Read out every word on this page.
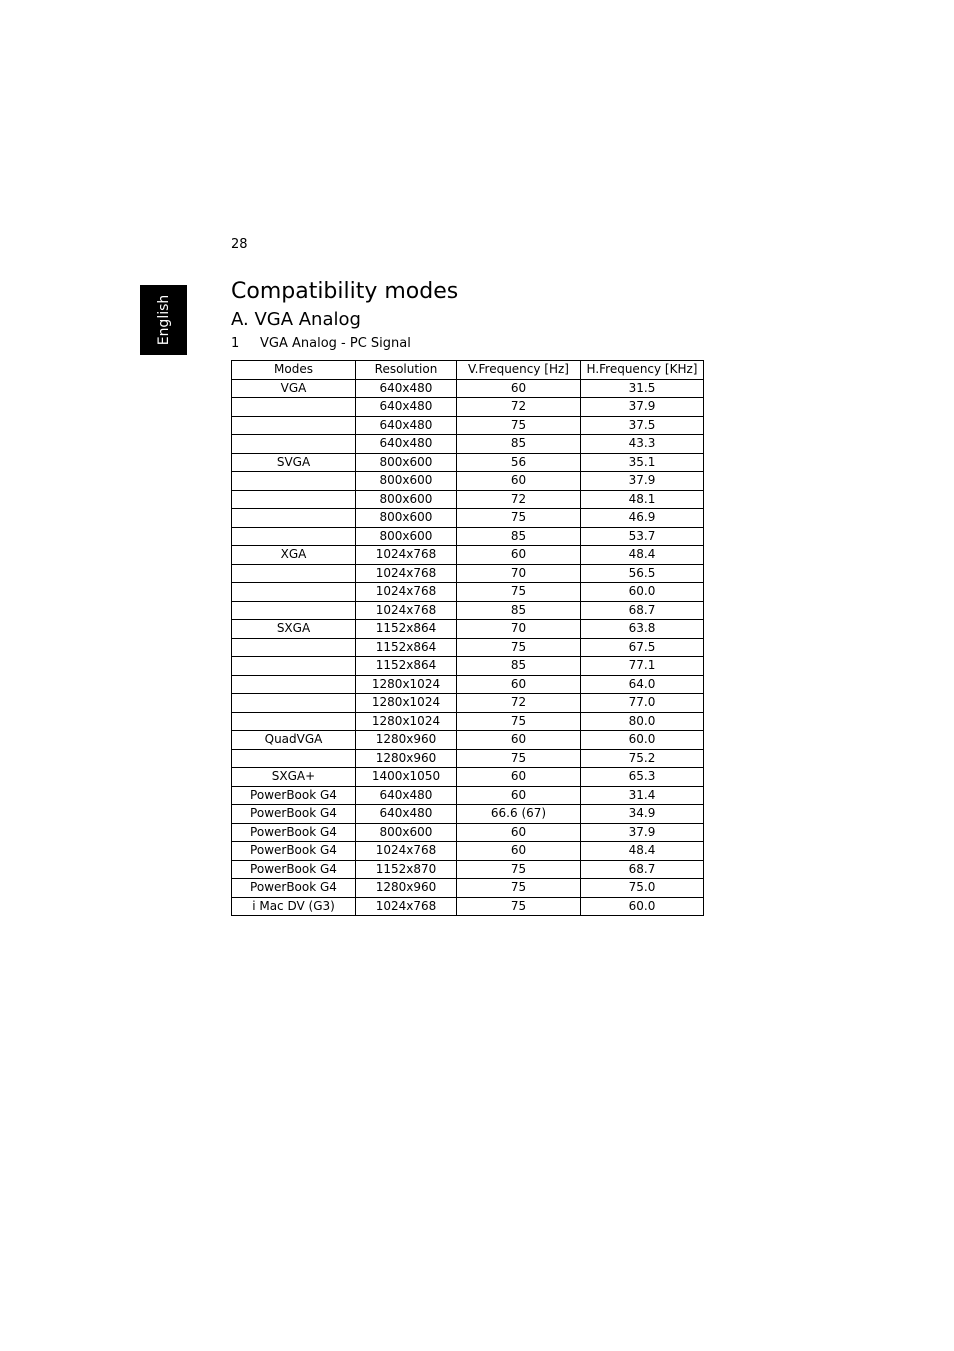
28
English
Compatibility modes
A. VGA Analog
1 VGA Analog - PC Signal
Modes	Resolution	V.Frequency [Hz]	H.Frequency [KHz]
VGA	640x480	60	31.5
	640x480	72	37.9
	640x480	75	37.5
	640x480	85	43.3
SVGA	800x600	56	35.1
	800x600	60	37.9
	800x600	72	48.1
	800x600	75	46.9
	800x600	85	53.7
XGA	1024x768	60	48.4
	1024x768	70	56.5
	1024x768	75	60.0
	1024x768	85	68.7
SXGA	1152x864	70	63.8
	1152x864	75	67.5
	1152x864	85	77.1
	1280x1024	60	64.0
	1280x1024	72	77.0
	1280x1024	75	80.0
QuadVGA	1280x960	60	60.0
	1280x960	75	75.2
SXGA+	1400x1050	60	65.3
PowerBook G4	640x480	60	31.4
PowerBook G4	640x480	66.6 (67)	34.9
PowerBook G4	800x600	60	37.9
PowerBook G4	1024x768	60	48.4
PowerBook G4	1152x870	75	68.7
PowerBook G4	1280x960	75	75.0
i Mac DV (G3)	1024x768	75	60.0
